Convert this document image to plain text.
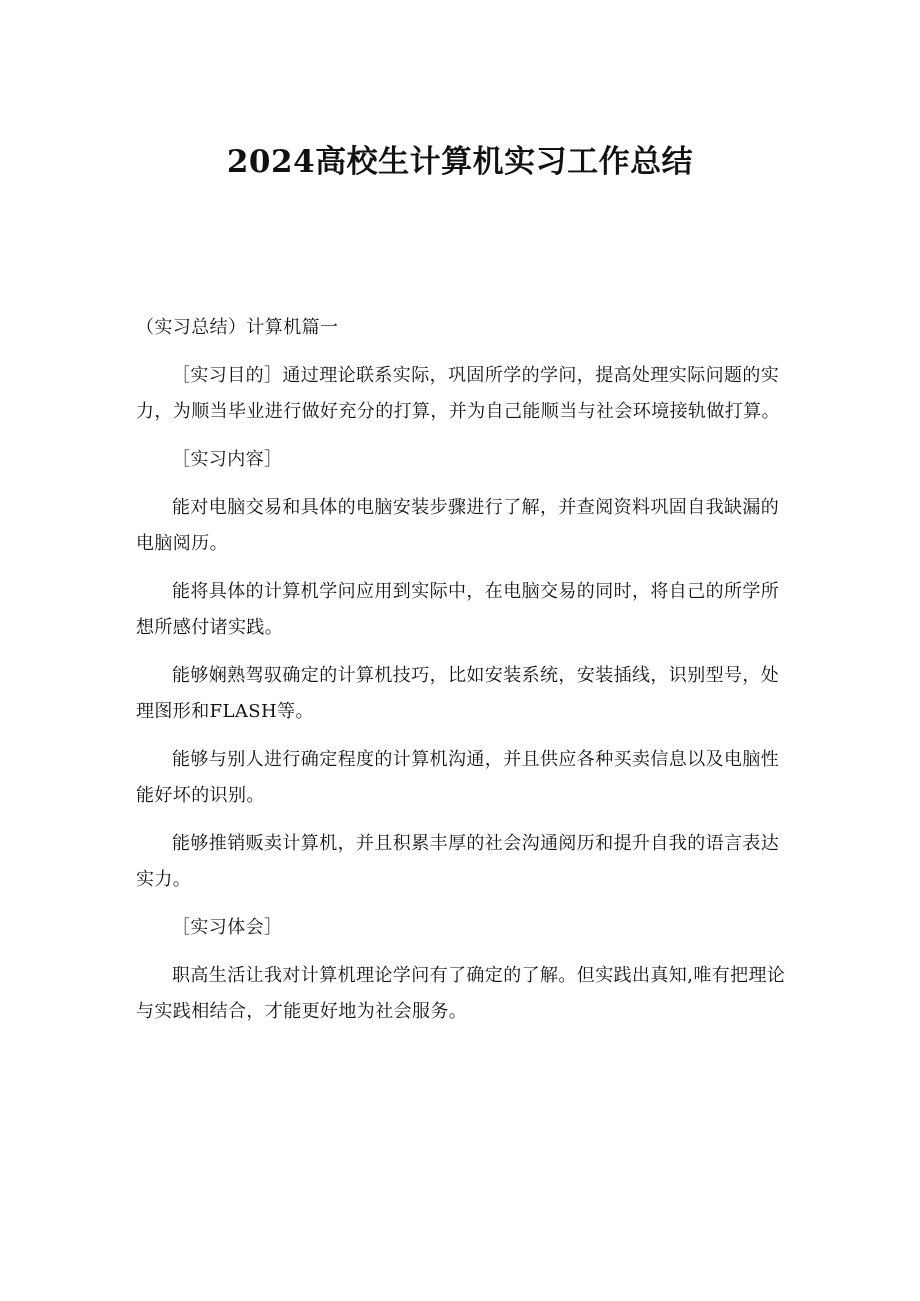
2024高校生计算机实习工作总结

（实习总结）计算机篇一

［实习目的］通过理论联系实际，巩固所学的学问，提高处理实际问题的实力，为顺当毕业进行做好充分的打算，并为自己能顺当与社会环境接轨做打算。

［实习内容］

能对电脑交易和具体的电脑安装步骤进行了解，并查阅资料巩固自我缺漏的电脑阅历。

能将具体的计算机学问应用到实际中，在电脑交易的同时，将自己的所学所想所感付诸实践。

能够娴熟驾驭确定的计算机技巧，比如安装系统，安装插线，识别型号，处理图形和FLASH等。

能够与别人进行确定程度的计算机沟通，并且供应各种买卖信息以及电脑性能好坏的识别。

能够推销贩卖计算机，并且积累丰厚的社会沟通阅历和提升自我的语言表达实力。

［实习体会］

职高生活让我对计算机理论学问有了确定的了解。但实践出真知,唯有把理论与实践相结合，才能更好地为社会服务。
